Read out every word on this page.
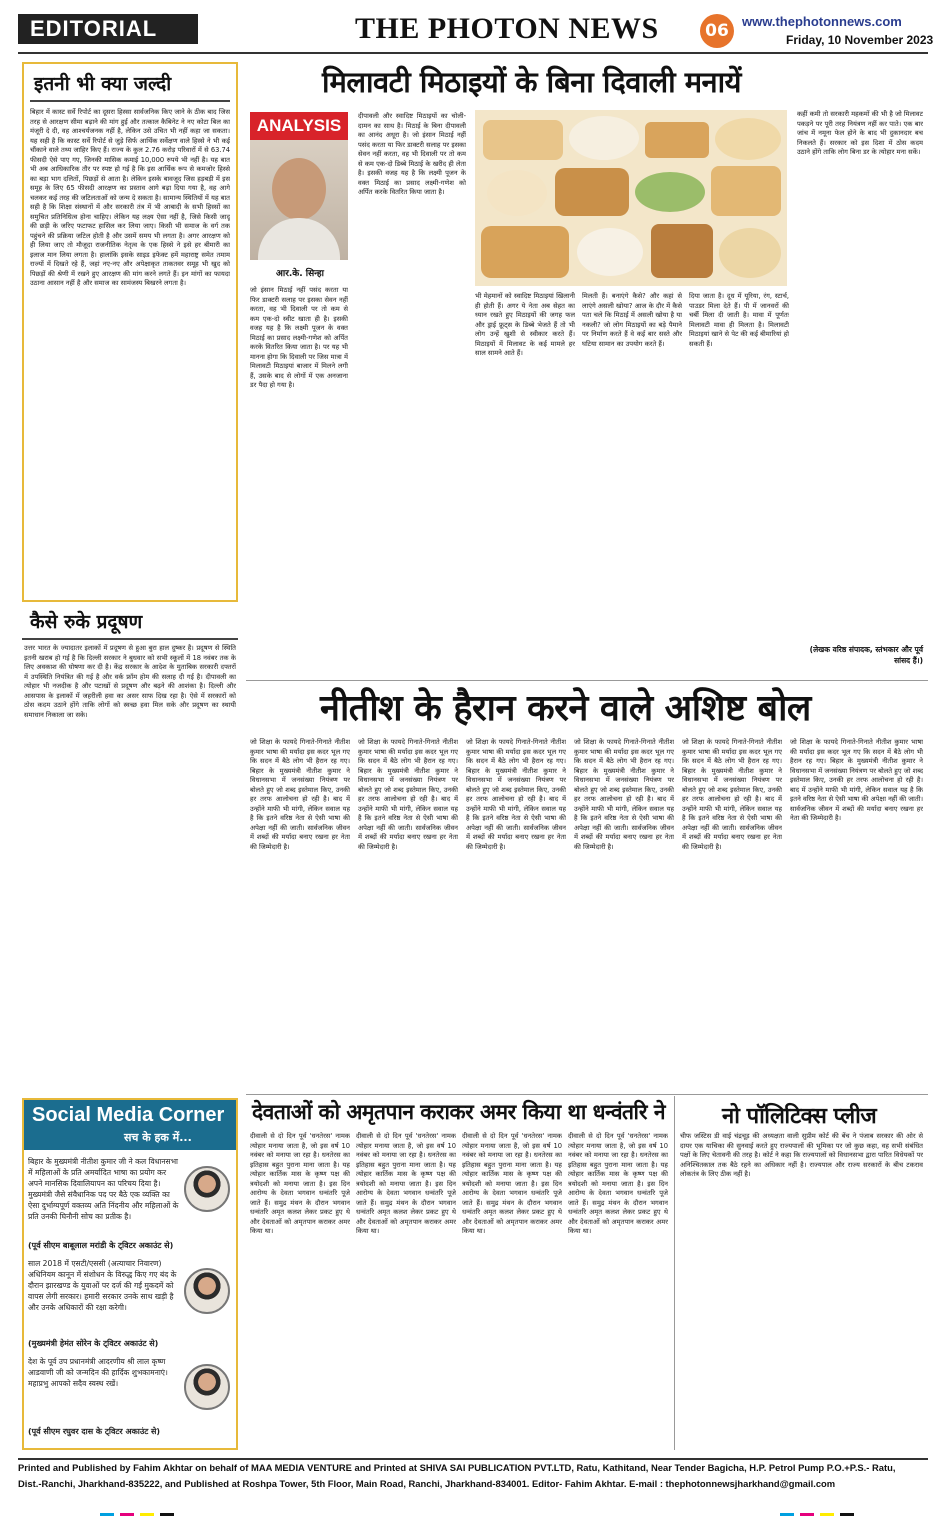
EDITORIAL	THE PHOTON NEWS	06	www.thephotonnews.com
Friday, 10 November 2023
इतनी भी क्या जल्दी
बिहार में कास्ट सर्वे रिपोर्ट का दूसरा हिस्सा सार्वजनिक किए जाने के ठीक बाद जिस तरह से आरक्षण सीमा बढ़ाने की मांग हुई और तत्काल कैबिनेट ने नए कोटा बिल का मंजूरी दे दी, वह आश्चर्यजनक नहीं है, लेकिन उसे उचित भी नहीं कहा जा सकता। यह सही है कि कास्ट सर्वे रिपोर्ट से जुड़े सिर्फ आर्थिक सर्वेक्षण वाले हिस्से ने भी कई चौंकाने वाले तथ्य जाहिर किए हैं। राज्य के कुल 2.76 करोड़ परिवारों में से 63.74 फीसदी ऐसे पाए गए, जिनकी मासिक कमाई 10,000 रुपये भी नहीं है। यह बात भी अब आधिकारिक तौर पर स्पष्ट हो गई है कि इस आर्थिक रूप से कमजोर हिस्से का बड़ा भाग दलितों, पिछड़ों से आता है। लेकिन इसके बावजूद जिस हड़बड़ी में इस समूह के लिए 65 फीसदी आरक्षण का प्रस्ताव आगे बढ़ा दिया गया है, वह आगे चलकर कई तरह की जटिलताओं को जन्म दे सकता है। सामान्य स्थितियों में यह बात सही है कि शिक्षा संस्थानों में और सरकारी तंत्र में भी आबादी के सभी हिस्सों का समुचित प्रतिनिधित्व होना चाहिए। लेकिन यह लक्ष्य ऐसा नहीं है, जिसे किसी जादू की छड़ी के जरिए फटाफट हासिल कर लिया जाए। किसी भी समाज के वर्ग तक पहुंचने की प्रक्रिया जटिल होती है और उसमें समय भी लगता है। अगर आरक्षण को ही लिया जाए तो मौजूदा राजनीतिक नेतृत्व के एक हिस्से ने इसे हर बीमारी का इलाज मान लिया लगता है। हालांकि इसके साइड इफेक्ट हमें महाराष्ट्र समेत तमाम राज्यों में दिखते रहे हैं, जहां नए-नए और अपेक्षाकृत ताकतवर समूह भी खुद को पिछड़ों की श्रेणी में रखने हुए आरक्षण की मांग करने लगते हैं। इन मांगों का फायदा उठाना आसान नहीं है और समाज का सामंजस्य बिखरने लगता है।
कैसे रुके प्रदूषण
उत्तर भारत के ज्यादातर इलाकों में प्रदूषण से हुआ बुरा हाल दुष्कर है। प्रदूषण से स्थिति इतनी खराब हो गई है कि दिल्ली सरकार ने बुधवार को सभी स्कूलों में 18 नवंबर तक के लिए अवकाश की घोषणा कर दी है। केंद्र सरकार के आदेश के मुताबिक सरकारी दफ्तरों में उपस्थिति नियंत्रित की गई है और वर्क फ्रॉम होम की सलाह दी गई है। दीपावली का त्योहार भी नजदीक है और पटाखों से प्रदूषण और बढ़ने की आशंका है। दिल्ली और आसपास के इलाकों में जहरीली हवा का असर साफ दिख रहा है। ऐसे में सरकारों को ठोस कदम उठाने होंगे ताकि लोगों को स्वच्छ हवा मिल सके और प्रदूषण का स्थायी समाधान निकाला जा सके।
मिलावटी मिठाइयों के बिना दिवाली मनायें
ANALYSIS
आर.के. सिन्हा
जो इंसान मिठाई नहीं पसंद करता या फिर डाक्टरी सलाह पर इसका सेवन नहीं करता, वह भी दिवाली पर तो कम से कम एक-दो स्वीट खाता ही है। इसकी वजह यह है कि लक्ष्मी पूजन के वक्त मिठाई का प्रसाद लक्ष्मी-गणेश को अर्पित करके वितरित किया जाता है। पर यह भी मानना होगा कि दिवाली पर जिस मात्रा में मिलावटी मिठाइयां बाजार में मिलने लगी हैं, उसके बाद से लोगों में एक अनजाना डर पैदा हो गया है।
दीपावली और स्वादिष्ट मिठाइयों का चोली-दामन का साथ है। मिठाई के बिना दीपावली का आनंद अधूरा है। जो इंसान मिठाई नहीं पसंद करता या फिर डाक्टरी सलाह पर इसका सेवन नहीं करता, वह भी दिवाली पर तो कम से कम एक-दो डिब्बे मिठाई के खरीद ही लेता है। इसकी वजह यह है कि लक्ष्मी पूजन के वक्त मिठाई का प्रसाद लक्ष्मी-गणेश को अर्पित करके वितरित किया जाता है।
भी मेहमानों को स्वादिष्ट मिठाइयां खिलानी ही होती हैं। अगर ये नेता अब सेहत का ध्यान रखते हुए मिठाइयों की जगह फल और ड्राई फ्रूट्स के डिब्बे भेजते हैं तो भी लोग उन्हें खुशी से स्वीकार करते हैं। मिठाइयों में मिलावट के कई मामले हर साल सामने आते हैं।
मिलती हैं। बनाएंगे कैसे? और कहां से लाएंगे असली खोया? आज के दौर में कैसे पता चले कि मिठाई में असली खोया है या नकली? जो लोग मिठाइयों का बड़े पैमाने पर निर्माण करते हैं वे कई बार सस्ते और घटिया सामान का उपयोग करते हैं।
दिया जाता है। दूध में यूरिया, रंग, स्टार्च, पाउडर मिला देते हैं। पी में जानवरों की चर्बी मिला दी जाती है। मावा में पूर्णतः मिलावटी मावा ही मिलता है। मिलावटी मिठाइयां खाने से पेट की कई बीमारियां हो सकती हैं।
कहीं कमी तो सरकारी महकमों की भी है जो मिलावट पकड़ने पर पूरी तरह नियंत्रण नहीं कर पाते। एक बार जांच में नमूना फेल होने के बाद भी दुकानदार बच निकलते हैं। सरकार को इस दिशा में ठोस कदम उठाने होंगे ताकि लोग बिना डर के त्योहार मना सकें।
(लेखक वरिष्ठ संपादक, स्तंभकार और पूर्व सांसद हैं।)
नीतीश के हैरान करने वाले अशिष्ट बोल
जो शिक्षा के फायदे गिनाते-गिनाते नीतीश कुमार भाषा की मर्यादा इस कदर भूल गए कि सदन में बैठे लोग भी हैरान रह गए। बिहार के मुख्यमंत्री नीतीश कुमार ने विधानसभा में जनसंख्या नियंत्रण पर बोलते हुए जो शब्द इस्तेमाल किए, उनकी हर तरफ आलोचना हो रही है। बाद में उन्होंने माफी भी मांगी, लेकिन सवाल यह है कि इतने वरिष्ठ नेता से ऐसी भाषा की अपेक्षा नहीं की जाती। सार्वजनिक जीवन में शब्दों की मर्यादा बनाए रखना हर नेता की जिम्मेदारी है।
जो शिक्षा के फायदे गिनाते-गिनाते नीतीश कुमार भाषा की मर्यादा इस कदर भूल गए कि सदन में बैठे लोग भी हैरान रह गए। बिहार के मुख्यमंत्री नीतीश कुमार ने विधानसभा में जनसंख्या नियंत्रण पर बोलते हुए जो शब्द इस्तेमाल किए, उनकी हर तरफ आलोचना हो रही है। बाद में उन्होंने माफी भी मांगी, लेकिन सवाल यह है कि इतने वरिष्ठ नेता से ऐसी भाषा की अपेक्षा नहीं की जाती। सार्वजनिक जीवन में शब्दों की मर्यादा बनाए रखना हर नेता की जिम्मेदारी है।
जो शिक्षा के फायदे गिनाते-गिनाते नीतीश कुमार भाषा की मर्यादा इस कदर भूल गए कि सदन में बैठे लोग भी हैरान रह गए। बिहार के मुख्यमंत्री नीतीश कुमार ने विधानसभा में जनसंख्या नियंत्रण पर बोलते हुए जो शब्द इस्तेमाल किए, उनकी हर तरफ आलोचना हो रही है। बाद में उन्होंने माफी भी मांगी, लेकिन सवाल यह है कि इतने वरिष्ठ नेता से ऐसी भाषा की अपेक्षा नहीं की जाती। सार्वजनिक जीवन में शब्दों की मर्यादा बनाए रखना हर नेता की जिम्मेदारी है।
जो शिक्षा के फायदे गिनाते-गिनाते नीतीश कुमार भाषा की मर्यादा इस कदर भूल गए कि सदन में बैठे लोग भी हैरान रह गए। बिहार के मुख्यमंत्री नीतीश कुमार ने विधानसभा में जनसंख्या नियंत्रण पर बोलते हुए जो शब्द इस्तेमाल किए, उनकी हर तरफ आलोचना हो रही है। बाद में उन्होंने माफी भी मांगी, लेकिन सवाल यह है कि इतने वरिष्ठ नेता से ऐसी भाषा की अपेक्षा नहीं की जाती। सार्वजनिक जीवन में शब्दों की मर्यादा बनाए रखना हर नेता की जिम्मेदारी है।
जो शिक्षा के फायदे गिनाते-गिनाते नीतीश कुमार भाषा की मर्यादा इस कदर भूल गए कि सदन में बैठे लोग भी हैरान रह गए। बिहार के मुख्यमंत्री नीतीश कुमार ने विधानसभा में जनसंख्या नियंत्रण पर बोलते हुए जो शब्द इस्तेमाल किए, उनकी हर तरफ आलोचना हो रही है। बाद में उन्होंने माफी भी मांगी, लेकिन सवाल यह है कि इतने वरिष्ठ नेता से ऐसी भाषा की अपेक्षा नहीं की जाती। सार्वजनिक जीवन में शब्दों की मर्यादा बनाए रखना हर नेता की जिम्मेदारी है।
जो शिक्षा के फायदे गिनाते-गिनाते नीतीश कुमार भाषा की मर्यादा इस कदर भूल गए कि सदन में बैठे लोग भी हैरान रह गए। बिहार के मुख्यमंत्री नीतीश कुमार ने विधानसभा में जनसंख्या नियंत्रण पर बोलते हुए जो शब्द इस्तेमाल किए, उनकी हर तरफ आलोचना हो रही है। बाद में उन्होंने माफी भी मांगी, लेकिन सवाल यह है कि इतने वरिष्ठ नेता से ऐसी भाषा की अपेक्षा नहीं की जाती। सार्वजनिक जीवन में शब्दों की मर्यादा बनाए रखना हर नेता की जिम्मेदारी है।
Social Media Corner
सच के हक में...
बिहार के मुख्यमंत्री नीतीश कुमार जी ने कल विधानसभा में महिलाओं के प्रति अमर्यादित भाषा का प्रयोग कर अपने मानसिक दिवालियापन का परिचय दिया है। मुख्यमंत्री जैसे संवैधानिक पद पर बैठे एक व्यक्ति का ऐसा दुर्भाग्यपूर्ण वक्तव्य अति निंदनीय और महिलाओं के प्रति उनकी घिनौनी सोच का प्रतीक है।
(पूर्व सीएम बाबूलाल मरांडी के ट्विटर अकाउंट से)
साल 2018 में एसटी/एससी (अत्याचार निवारण) अधिनियम कानून में संशोधन के विरुद्ध किए गए बंद के दौरान झारखण्ड के युवाओं पर दर्ज की गईं मुकदमें को वापस लेगी सरकार। हमारी सरकार उनके साथ खड़ी है और उनके अधिकारों की रक्षा करेगी।
(मुख्यमंत्री हेमंत सोरेन के ट्विटर अकाउंट से)
देश के पूर्व उप प्रधानमंत्री आदरणीय श्री लाल कृष्ण आडवाणी जी को जन्मदिन की हार्दिक शुभकामनाएं। महाप्रभु आपको सदैव स्वस्थ रखें।
(पूर्व सीएम रघुवर दास के ट्विटर अकाउंट से)
देवताओं को अमृतपान कराकर अमर किया था धन्वंतरि ने
दीवाली से दो दिन पूर्व 'धनतेरस' नामक त्योहार मनाया जाता है, जो इस वर्ष 10 नवंबर को मनाया जा रहा है। धनतेरस का इतिहास बहुत पुराना माना जाता है। यह त्योहार कार्तिक मास के कृष्ण पक्ष की त्रयोदशी को मनाया जाता है। इस दिन आरोग्य के देवता भगवान धन्वंतरि पूजे जाते हैं। समुद्र मंथन के दौरान भगवान धन्वंतरि अमृत कलश लेकर प्रकट हुए थे और देवताओं को अमृतपान कराकर अमर किया था।
दीवाली से दो दिन पूर्व 'धनतेरस' नामक त्योहार मनाया जाता है, जो इस वर्ष 10 नवंबर को मनाया जा रहा है। धनतेरस का इतिहास बहुत पुराना माना जाता है। यह त्योहार कार्तिक मास के कृष्ण पक्ष की त्रयोदशी को मनाया जाता है। इस दिन आरोग्य के देवता भगवान धन्वंतरि पूजे जाते हैं। समुद्र मंथन के दौरान भगवान धन्वंतरि अमृत कलश लेकर प्रकट हुए थे और देवताओं को अमृतपान कराकर अमर किया था।
दीवाली से दो दिन पूर्व 'धनतेरस' नामक त्योहार मनाया जाता है, जो इस वर्ष 10 नवंबर को मनाया जा रहा है। धनतेरस का इतिहास बहुत पुराना माना जाता है। यह त्योहार कार्तिक मास के कृष्ण पक्ष की त्रयोदशी को मनाया जाता है। इस दिन आरोग्य के देवता भगवान धन्वंतरि पूजे जाते हैं। समुद्र मंथन के दौरान भगवान धन्वंतरि अमृत कलश लेकर प्रकट हुए थे और देवताओं को अमृतपान कराकर अमर किया था।
दीवाली से दो दिन पूर्व 'धनतेरस' नामक त्योहार मनाया जाता है, जो इस वर्ष 10 नवंबर को मनाया जा रहा है। धनतेरस का इतिहास बहुत पुराना माना जाता है। यह त्योहार कार्तिक मास के कृष्ण पक्ष की त्रयोदशी को मनाया जाता है। इस दिन आरोग्य के देवता भगवान धन्वंतरि पूजे जाते हैं। समुद्र मंथन के दौरान भगवान धन्वंतरि अमृत कलश लेकर प्रकट हुए थे और देवताओं को अमृतपान कराकर अमर किया था।
नो पॉलिटिक्स प्लीज
चीफ जस्टिस डी वाई चंद्रचूड़ की अध्यक्षता वाली सुप्रीम कोर्ट की बेंच ने पंजाब सरकार की ओर से दायर एक याचिका की सुनवाई करते हुए राज्यपालों की भूमिका पर जो कुछ कहा, वह सभी संबंधित पक्षों के लिए चेतावनी की तरह है। कोर्ट ने कहा कि राज्यपालों को विधानसभा द्वारा पारित विधेयकों पर अनिश्चितकाल तक बैठे रहने का अधिकार नहीं है। राज्यपाल और राज्य सरकारों के बीच टकराव लोकतंत्र के लिए ठीक नहीं है।
Printed and Published by Fahim Akhtar on behalf of MAA MEDIA VENTURE and Printed at SHIVA SAI PUBLICATION PVT.LTD, Ratu, Kathitand, Near Tender Bagicha, H.P. Petrol Pump P.O.+P.S.- Ratu,
Dist.-Ranchi, Jharkhand-835222, and Published at Roshpa Tower, 5th Floor, Main Road, Ranchi, Jharkhand-834001. Editor- Fahim Akhtar. E-mail : thephotonnewsjharkhand@gmail.com
